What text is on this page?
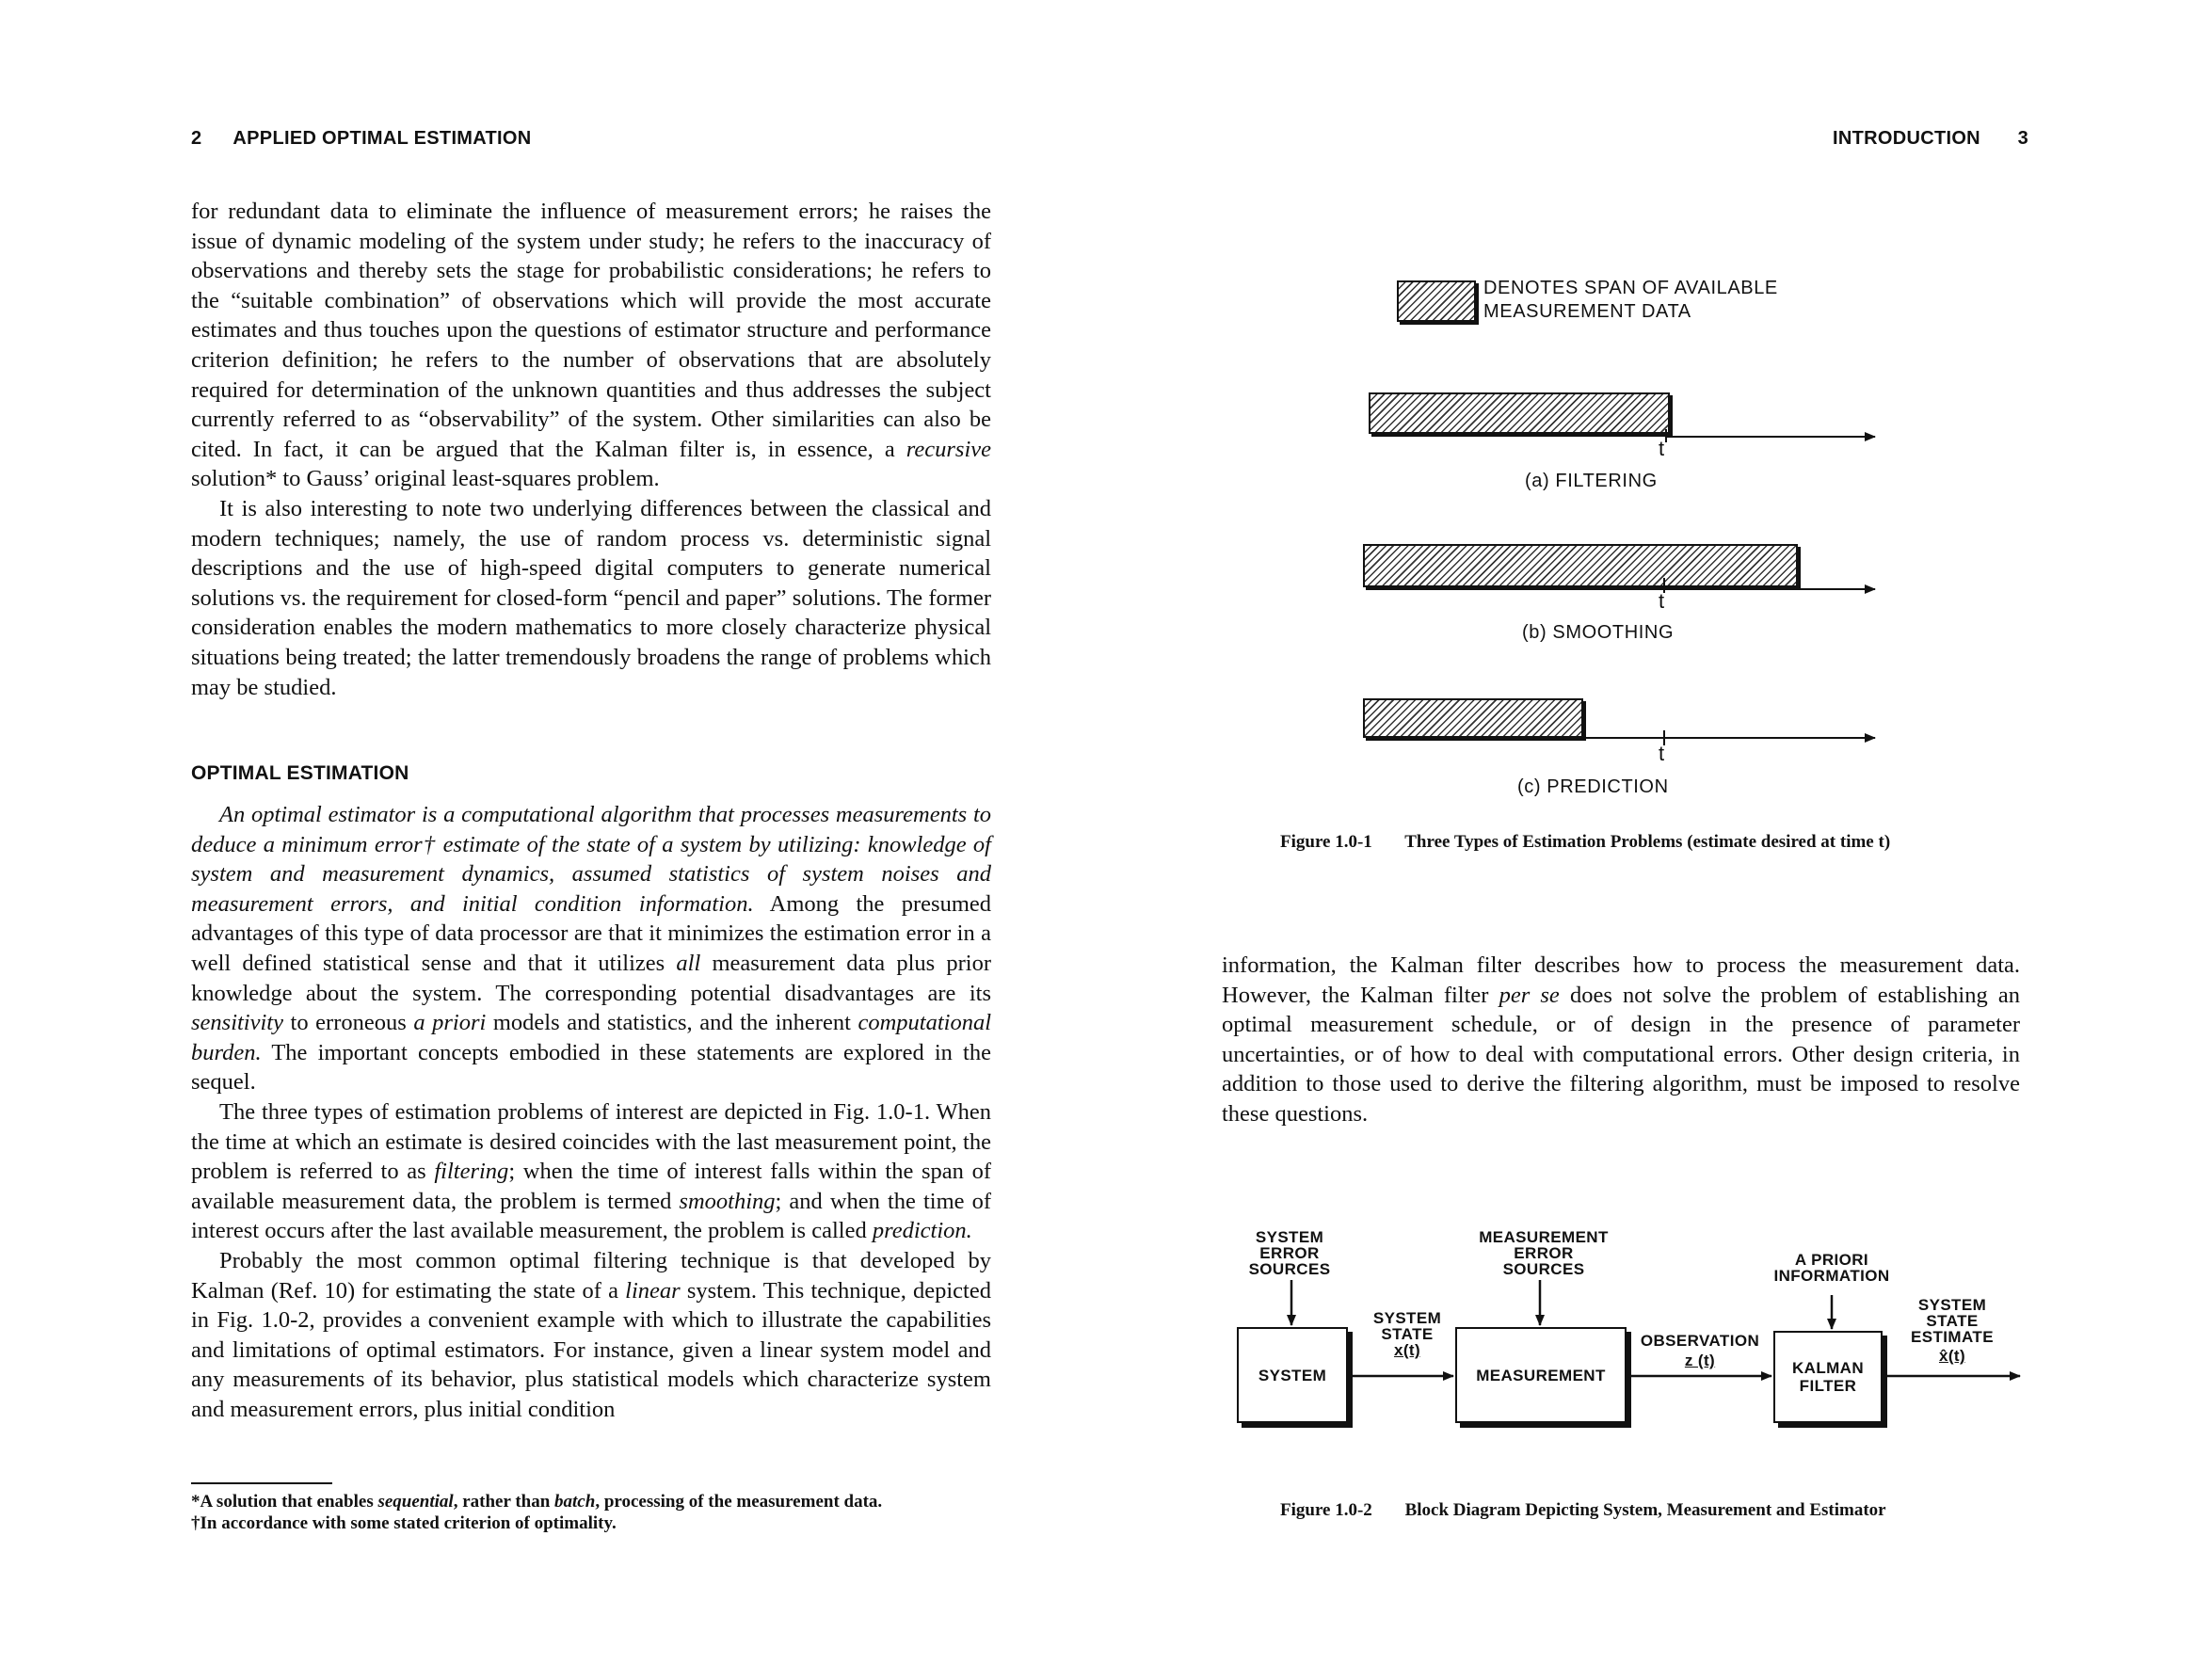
2 APPLIED OPTIMAL ESTIMATION

for redundant data to eliminate the influence of measurement errors; he raises the issue of dynamic modeling of the system under study; he refers to the inaccuracy of observations and thereby sets the stage for probabilistic considerations; he refers to the “suitable combination” of observations which will provide the most accurate estimates and thus touches upon the questions of estimator structure and performance criterion definition; he refers to the number of observations that are absolutely required for determination of the unknown quantities and thus addresses the subject currently referred to as “observability” of the system. Other similarities can also be cited. In fact, it can be argued that the Kalman filter is, in essence, a recursive solution* to Gauss’ original least-squares problem.

It is also interesting to note two underlying differences between the classical and modern techniques; namely, the use of random process vs. deterministic signal descriptions and the use of high-speed digital computers to generate numerical solutions vs. the requirement for closed-form “pencil and paper” solutions. The former consideration enables the modern mathematics to more closely characterize physical situations being treated; the latter tremendously broadens the range of problems which may be studied.

OPTIMAL ESTIMATION

An optimal estimator is a computational algorithm that processes measurements to deduce a minimum error† estimate of the state of a system by utilizing: knowledge of system and measurement dynamics, assumed statistics of system noises and measurement errors, and initial condition information. Among the presumed advantages of this type of data processor are that it minimizes the estimation error in a well defined statistical sense and that it utilizes all measurement data plus prior knowledge about the system. The corresponding potential disadvantages are its sensitivity to erroneous a priori models and statistics, and the inherent computational burden. The important concepts embodied in these statements are explored in the sequel.

The three types of estimation problems of interest are depicted in Fig. 1.0-1. When the time at which an estimate is desired coincides with the last measurement point, the problem is referred to as filtering; when the time of interest falls within the span of available measurement data, the problem is termed smoothing; and when the time of interest occurs after the last available measurement, the problem is called prediction.

Probably the most common optimal filtering technique is that developed by Kalman (Ref. 10) for estimating the state of a linear system. This technique, depicted in Fig. 1.0-2, provides a convenient example with which to illustrate the capabilities and limitations of optimal estimators. For instance, given a linear system model and any measurements of its behavior, plus statistical models which characterize system and measurement errors, plus initial condition

*A solution that enables sequential, rather than batch, processing of the measurement data.

†In accordance with some stated criterion of optimality.

INTRODUCTION 3
DENOTES SPAN OF AVAILABLE
MEASUREMENT DATA
t
(a) FILTERING
t
(b) SMOOTHING
t
(c) PREDICTION
Figure 1.0-1 Three Types of Estimation Problems (estimate desired at time t)

information, the Kalman filter describes how to process the measurement data. However, the Kalman filter per se does not solve the problem of establishing an optimal measurement schedule, or of design in the presence of parameter uncertainties, or of how to deal with computational errors. Other design criteria, in addition to those used to derive the filtering algorithm, must be imposed to resolve these questions.

SYSTEM
ERROR
SOURCES
MEASUREMENT
ERROR
SOURCES
A PRIORI
INFORMATION
SYSTEM	MEASUREMENT	KALMAN
FILTER
SYSTEM
STATE
x(t)
OBSERVATION
z (t)
SYSTEM
STATE
ESTIMATE
x̂(t)
Figure 1.0-2 Block Diagram Depicting System, Measurement and Estimator
